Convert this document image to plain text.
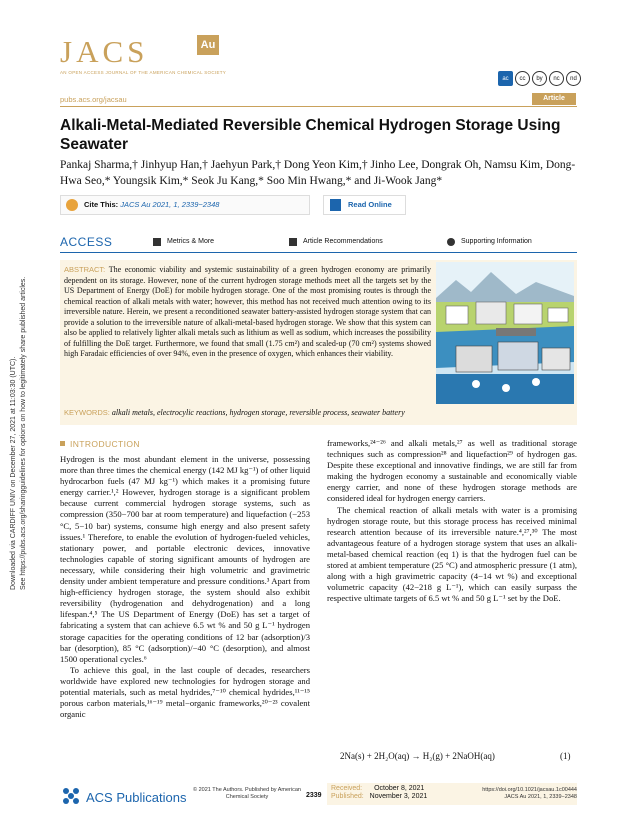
Downloaded via CARDIFF UNIV on December 27, 2021 at 11:03:30 (UTC). See https://pubs.acs.org/sharingguidelines for options on how to legitimately share published articles.
JACS	Au
AN OPEN ACCESS JOURNAL OF THE AMERICAN CHEMICAL SOCIETY
ac cc by nc nd
pubs.acs.org/jacsau	Article
Alkali-Metal-Mediated Reversible Chemical Hydrogen Storage Using Seawater
Pankaj Sharma,† Jinhyup Han,† Jaehyun Park,† Dong Yeon Kim,† Jinho Lee, Dongrak Oh, Namsu Kim, Dong-Hwa Seo,* Youngsik Kim,* Seok Ju Kang,* Soo Min Hwang,* and Ji-Wook Jang*
Cite This: JACS Au 2021, 1, 2339−2348	Read Online
ACCESS	Metrics & More	Article Recommendations	Supporting Information
ABSTRACT: The economic viability and systemic sustainability of a green hydrogen economy are primarily dependent on its storage. However, none of the current hydrogen storage methods meet all the targets set by the US Department of Energy (DoE) for mobile hydrogen storage. One of the most promising routes is through the chemical reaction of alkali metals with water; however, this method has not received much attention owing to its irreversible nature. Herein, we present a reconditioned seawater battery-assisted hydrogen storage system that can provide a solution to the irreversible nature of alkali-metal-based hydrogen storage. We show that this system can also be applied to relatively lighter alkali metals such as lithium as well as sodium, which increases the possibility of fulfilling the DoE target. Furthermore, we found that small (1.75 cm²) and scaled-up (70 cm²) systems showed high Faradaic efficiencies of over 94%, even in the presence of oxygen, which enhances their viability.
KEYWORDS: alkali metals, electrocylic reactions, hydrogen storage, reversible process, seawater battery
INTRODUCTION

Hydrogen is the most abundant element in the universe, possessing more than three times the chemical energy (142 MJ kg⁻¹) of other liquid hydrocarbon fuels (47 MJ kg⁻¹) which makes it a promising future energy carrier.¹,² However, hydrogen storage is a significant problem because current commercial hydrogen storage systems, such as compression (350−700 bar at room temperature) and liquefaction (−253 °C, 5−10 bar) systems, consume high energy and also present safety issues.¹ Therefore, to enable the evolution of hydrogen-fueled vehicles, stationary power, and portable electronic devices, innovative technologies capable of storing significant amounts of hydrogen are necessary, while considering their high volumetric and gravimetric density under ambient temperature and pressure conditions.³ Apart from high-efficiency hydrogen storage, the system should also exhibit reversibility (hydrogenation and dehydrogenation) and a long lifespan.⁴,⁵ The US Department of Energy (DoE) has set a target of fabricating a system that can achieve 6.5 wt % and 50 g L⁻¹ hydrogen storage capacities for the operating conditions of 12 bar (adsorption)/3 bar (desorption), 85 °C (adsorption)/−40 °C (desorption), and almost 1500 operational cycles.⁶

To achieve this goal, in the last couple of decades, researchers worldwide have explored new technologies for hydrogen storage and potential materials, such as metal hydrides,⁷⁻¹⁰ chemical hydrides,¹¹⁻¹⁵ porous carbon materials,¹⁶⁻¹⁹ metal−organic frameworks,²⁰⁻²³ covalent organic

frameworks,²⁴⁻²⁶ and alkali metals,²⁷ as well as traditional storage techniques such as compression²⁸ and liquefaction²⁹ of hydrogen gas. Despite these exceptional and innovative findings, we are still far from making the hydrogen economy a sustainable and economically viable energy carrier, and none of these hydrogen storage methods are considered ideal for hydrogen energy carriers.

The chemical reaction of alkali metals with water is a promising hydrogen storage route, but this storage process has received minimal research attention because of its irreversible nature.⁴,²⁷,³⁰ The most advantageous feature of a hydrogen storage system that uses an alkali-metal-based chemical reaction (eq 1) is that the hydrogen fuel can be stored at ambient temperature (25 °C) and atmospheric pressure (1 atm), along with a high gravimetric capacity (4−14 wt %) and exceptional volumetric capacity (42−218 g L⁻¹), which can easily surpass the respective ultimate targets of 6.5 wt % and 50 g L⁻¹ set by the DoE.

2Na(s) + 2H₂O(aq) → H₂(g) + 2NaOH(aq)	(1)
Received: October 8, 2021
Published: November 3, 2021
ACS Publications © 2021 The Authors. Published by American Chemical Society	2339
https://doi.org/10.1021/jacsau.1c00444
JACS Au 2021, 1, 2339−2348
